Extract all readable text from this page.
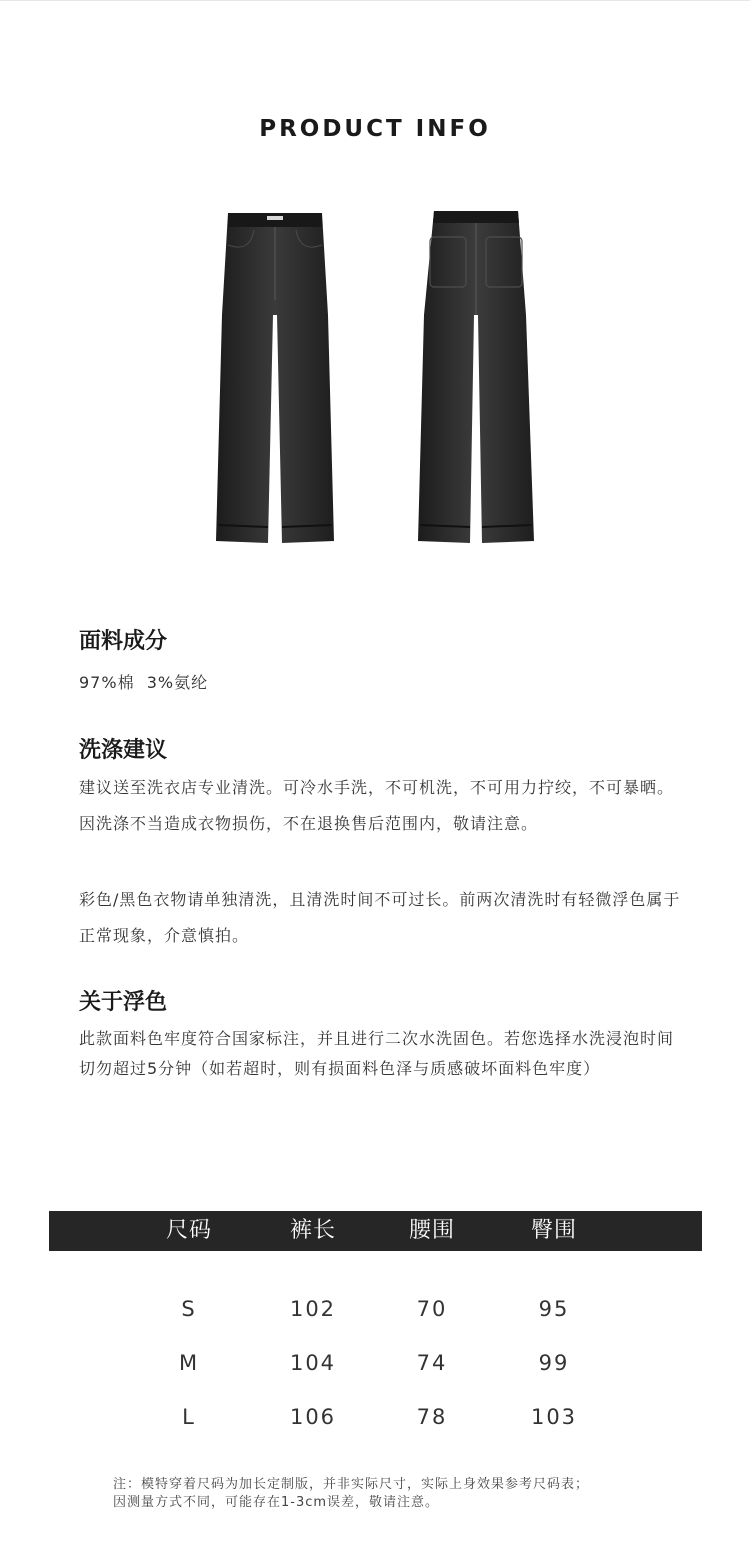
PRODUCT INFO
面料成分

97%棉  3%氨纶

洗涤建议

建议送至洗衣店专业清洗。可冷水手洗，不可机洗，不可用力拧绞，不可暴晒。因洗涤不当造成衣物损伤，不在退换售后范围内，敬请注意。

彩色/黑色衣物请单独清洗，且清洗时间不可过长。前两次清洗时有轻微浮色属于正常现象，介意慎拍。

关于浮色

此款面料色牢度符合国家标注，并且进行二次水洗固色。若您选择水洗浸泡时间切勿超过5分钟（如若超时，则有损面料色泽与质感破坏面料色牢度）

尺码	裤长	腰围	臀围
S	102	70	95
M	104	74	99
L	106	78	103

注：模特穿着尺码为加长定制版，并非实际尺寸，实际上身效果参考尺码表；

因测量方式不同，可能存在1-3cm误差，敬请注意。
